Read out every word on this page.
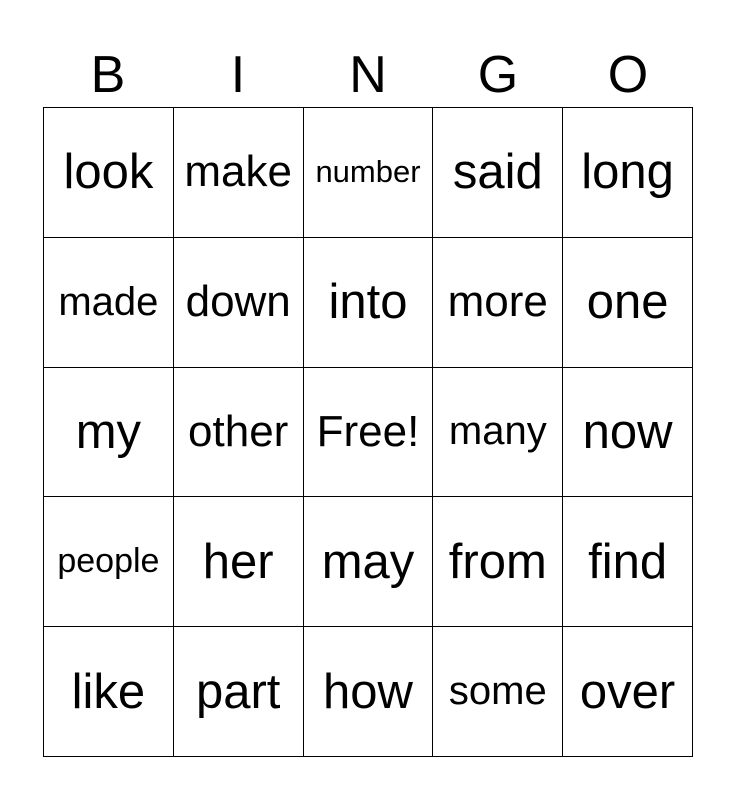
B	I	N	G	O
look make number said long
made down into more one
my	other Free! many now
people her may from find
like	part how some over
